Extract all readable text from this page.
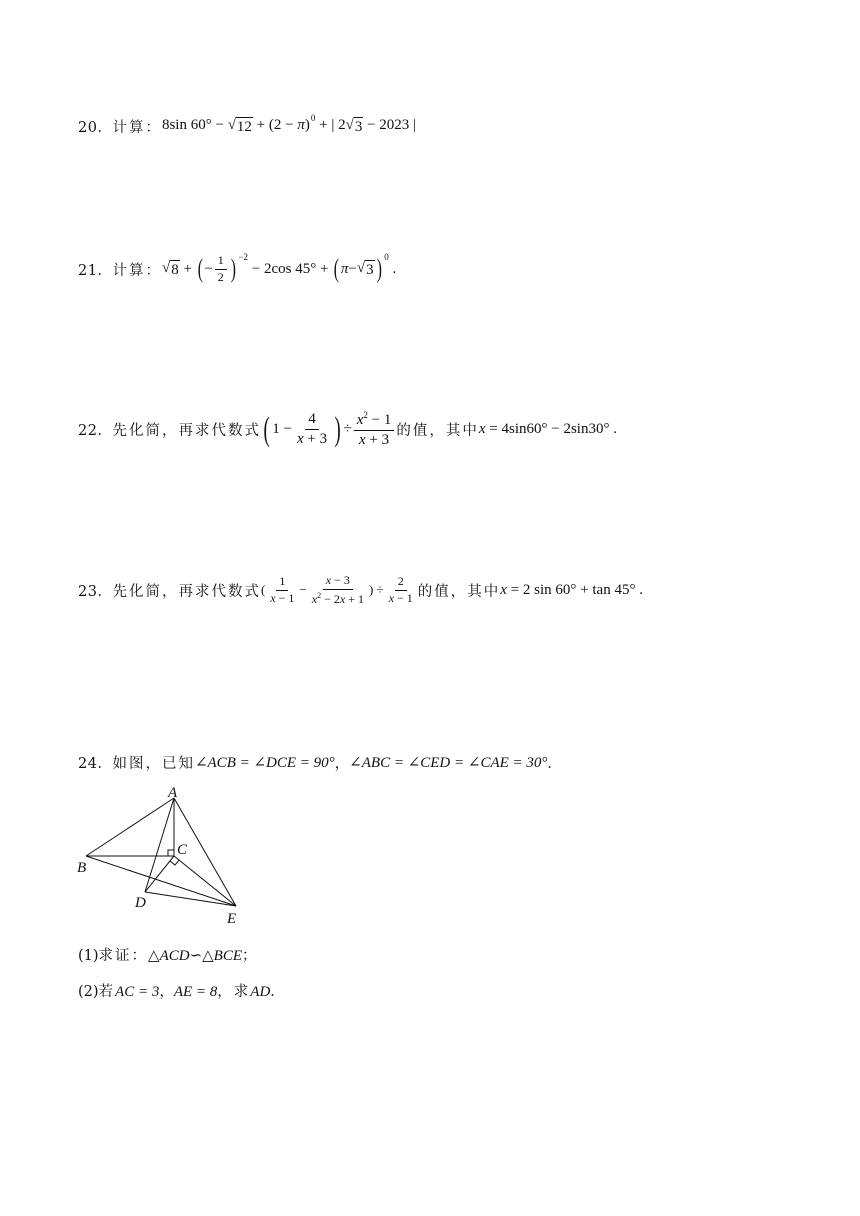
20． 计算： 8sin 60° − √ $12 + (2 - \pi)^0$ + | 2 √ 3 − 2023 |
21． 计算： √ 8 + ( − $\frac{1}{2}$ ) −2
− 2cos 45° + ( π − √ 3 ) 0
.
22． 先化简，再求代数式 ( $1 - \frac{4}{x + 3}$ ) ÷ $\frac{x^2 - 1}{x + 3}$ 的值，其中 x = 4sin60° − 2sin30° .
23． 先化简，再求代数式 ( $\frac{1}{x - 1} - \frac{x - 3}{x^2 - 2x + 1}$ ) ÷ $\frac{2}{x - 1}$ 的值，其中 x = 2 sin 60° + tan 45° .
24． 如图，已知 ∠ACB = ∠DCE = 90° ， ∠ABC = ∠CED = ∠CAE = 30° ．
A
B
C
D
E
(1)求证：△ACD∽△BCE；
(2)若AC = 3，AE = 8，求AD．
